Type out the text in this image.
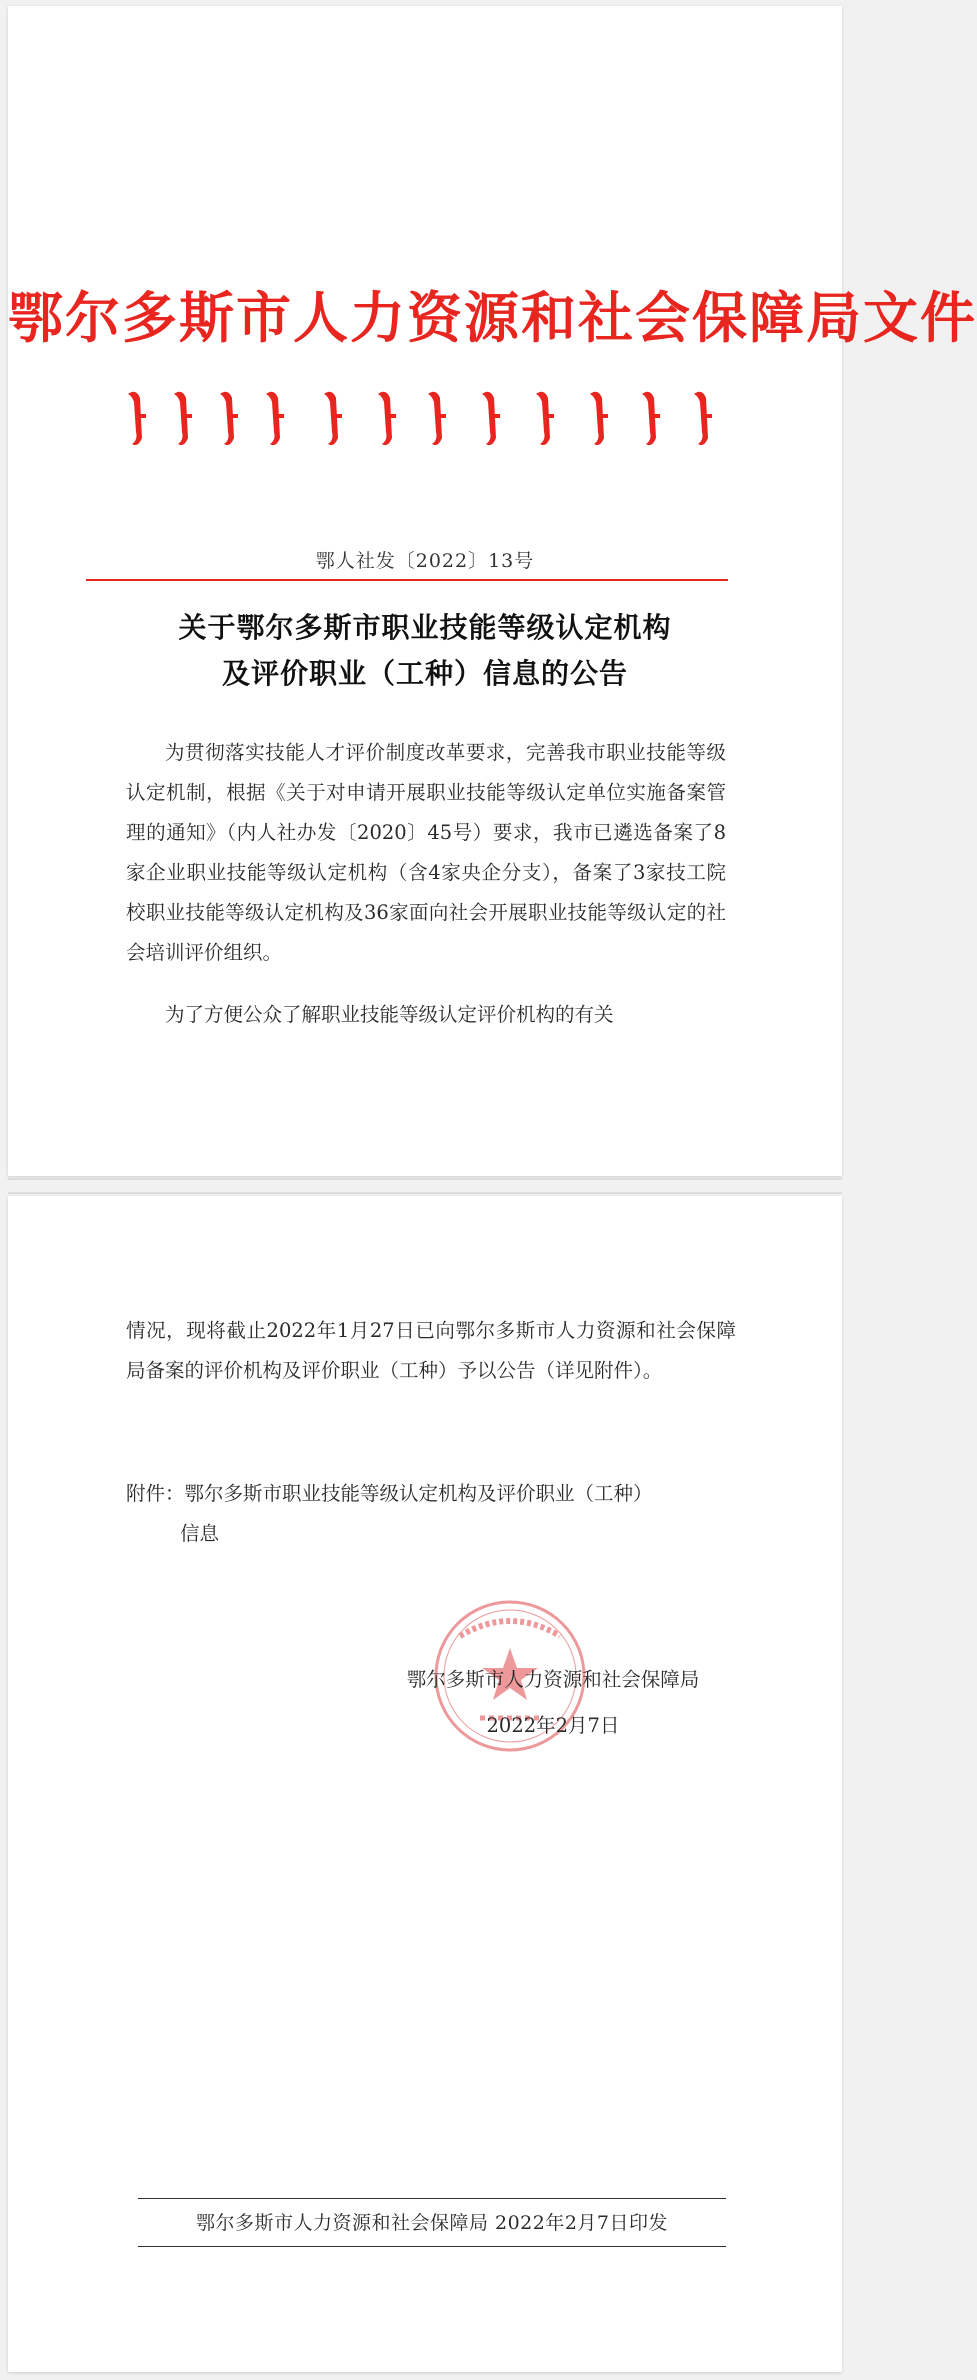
鄂尔多斯市人力资源和社会保障局文件
鄂人社发〔2022〕13号
关于鄂尔多斯市职业技能等级认定机构
及评价职业（工种）信息的公告
为贯彻落实技能人才评价制度改革要求，完善我市职业技能等级认定机制，根据《关于对申请开展职业技能等级认定单位实施备案管理的通知》（内人社办发〔2020〕45号）要求，我市已遴选备案了8家企业职业技能等级认定机构（含4家央企分支），备案了3家技工院校职业技能等级认定机构及36家面向社会开展职业技能等级认定的社会培训评价组织。
为了方便公众了解职业技能等级认定评价机构的有关
情况，现将截止2022年1月27日已向鄂尔多斯市人力资源和社会保障局备案的评价机构及评价职业（工种）予以公告（详见附件）。
附件：鄂尔多斯市职业技能等级认定机构及评价职业（工种）
信息
鄂尔多斯市人力资源和社会保障局
2022年2月7日
鄂尔多斯市人力资源和社会保障局 2022年2月7日印发
